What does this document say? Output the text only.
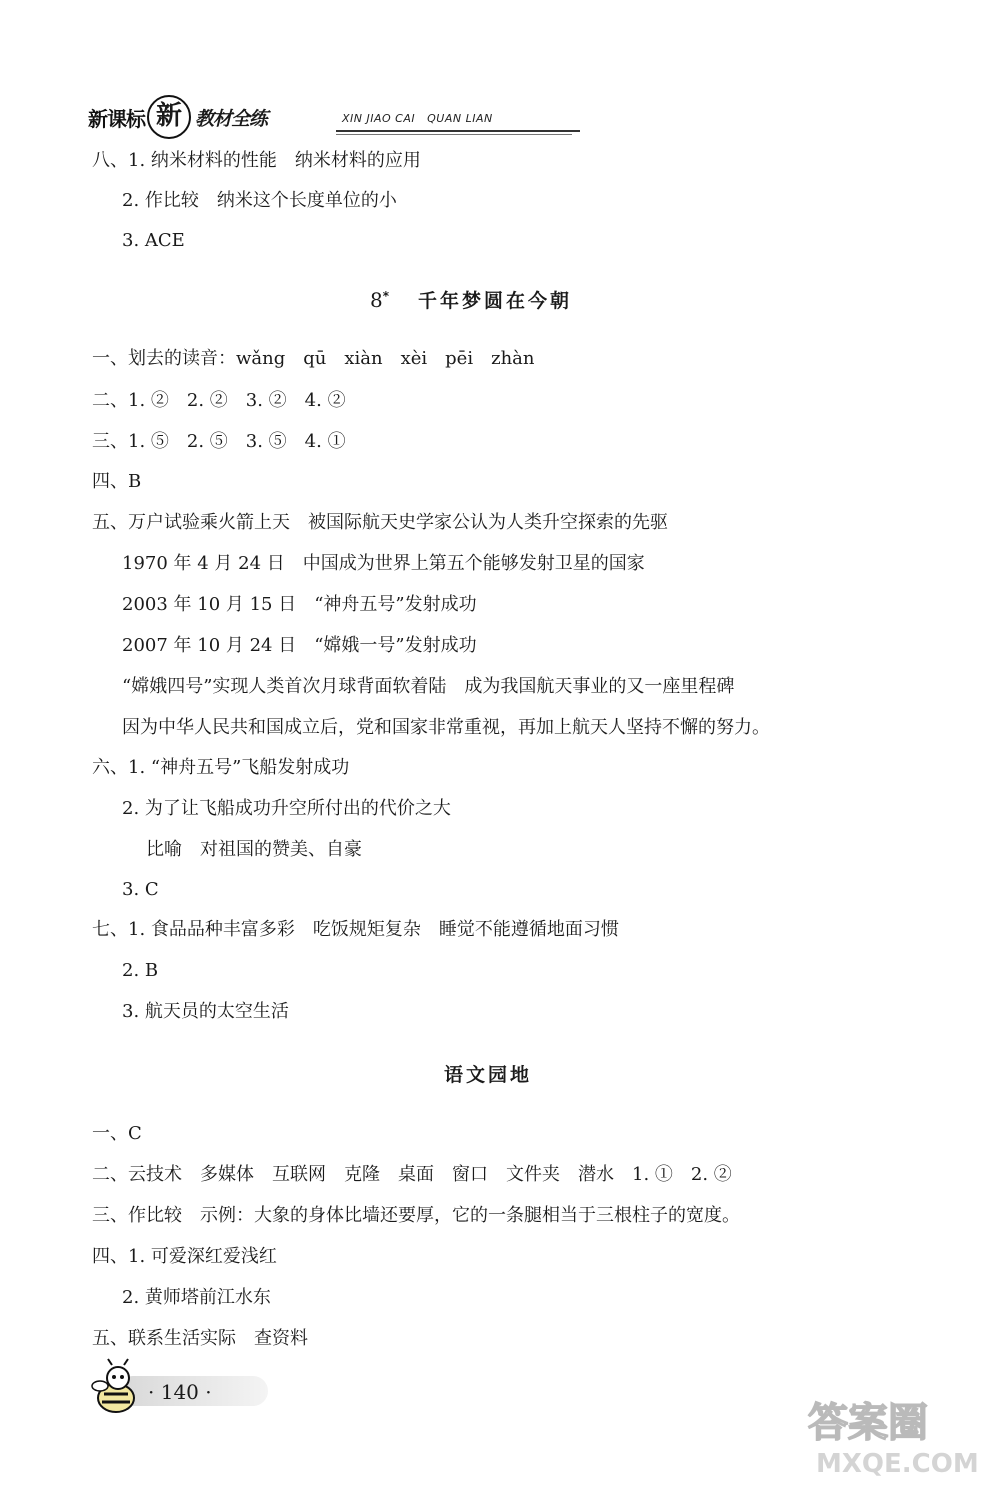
新课标 新 教材全练	XIN JIAO CAI   QUAN LIAN
八、1. 纳米材料的性能　纳米材料的应用
2. 作比较　纳米这个长度单位的小
3. ACE
8* 千年梦圆在今朝
一、划去的读音：wǎng　qū　xiàn　xèi　pēi　zhàn
二、1. ②　2. ②　3. ②　4. ②
三、1. ⑤　2. ⑤　3. ⑤　4. ①
四、B
五、万户试验乘火箭上天　被国际航天史学家公认为人类升空探索的先驱
1970 年 4 月 24 日　中国成为世界上第五个能够发射卫星的国家
2003 年 10 月 15 日　“神舟五号”发射成功
2007 年 10 月 24 日　“嫦娥一号”发射成功
“嫦娥四号”实现人类首次月球背面软着陆　成为我国航天事业的又一座里程碑
因为中华人民共和国成立后，党和国家非常重视，再加上航天人坚持不懈的努力。
六、1. “神舟五号”飞船发射成功
2. 为了让飞船成功升空所付出的代价之大
比喻　对祖国的赞美、自豪
3. C
七、1. 食品品种丰富多彩　吃饭规矩复杂　睡觉不能遵循地面习惯
2. B
3. 航天员的太空生活
语文园地
一、C
二、云技术　多媒体　互联网　克隆　桌面　窗口　文件夹　潜水　1. ①　2. ②
三、作比较　示例：大象的身体比墙还要厚，它的一条腿相当于三根柱子的宽度。
四、1. 可爱深红爱浅红
2. 黄师塔前江水东
五、联系生活实际　查资料
· 140 ·
答案圈
MXQE.COM
